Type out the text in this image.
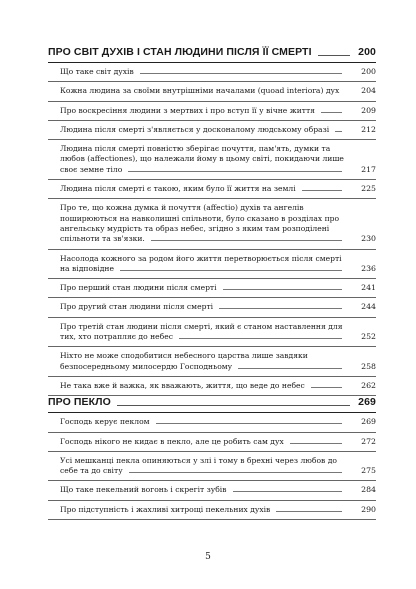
ПРО СВІТ ДУХІВ І СТАН ЛЮДИНИ ПІСЛЯ ЇЇ СМЕРТІ	200
Що таке світ духів	200
Кожна людина за своїми внутрішніми началами (quoad interiora) дух	204
Про воскресіння людини з мертвих і про вступ її у вічне життя	209
Людина після смерті з'являється у досконалому людському образі	212
Людина після смерті повністю зберігає почуття, пам'ять, думки та любов (affectiones), що належали йому в цьому світі, покидаючи лише своє земне тіло	217
Людина після смерті є такою, яким було її життя на землі	225
Про те, що кожна думка й почуття (affectio) духів та ангелів поширюються на навколишні спільноти, було сказано в розділах про ангельську мудрість та образ небес, згідно з яким там розподілені спільноти та зв'язки.	230
Насолода кожного за родом його життя перетворюється після смерті на відповідне	236
Про перший стан людини після смерті	241
Про другий стан людини після смерті	244
Про третій стан людини після смерті, який є станом наставлення для тих, хто потрапляє до небес	252
Ніхто не може сподобитися небесного царства лише завдяки безпосередньому милосердю Господньому	258
Не така вже й важка, як вважають, життя, що веде до небес	262
ПРО ПЕКЛО	269
Господь керує пеклом	269
Господь нікого не кидає в пекло, але це робить сам дух	272
Усі мешканці пекла опиняються у злі і тому в брехні через любов до себе та до світу	275
Що таке пекельний вогонь і скрегіт зубів	284
Про підступність і жахливі хитрощі пекельних духів	290
5
